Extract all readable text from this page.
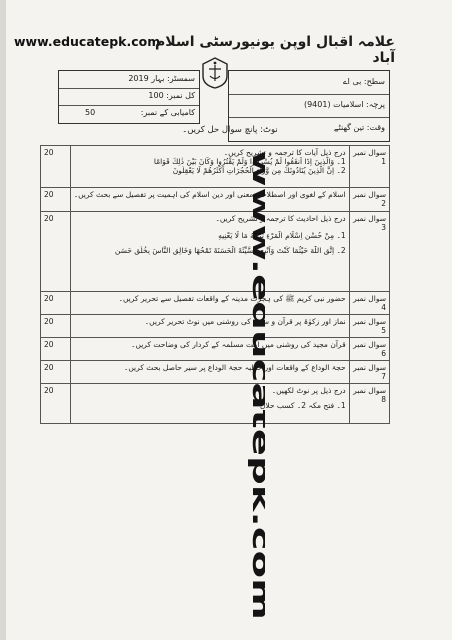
www.educatepk.com
علامہ اقبال اوپن یونیورسٹی اسلام آباد
سمسٹر: بہار 2019
کل نمبر: 100
کامیابی کے نمبر:
50
سطح: بی اے
پرچہ: اسلامیات (9401)
وقت: تین گھنٹے
نوٹ: پانچ سوال حل کریں۔
20	درج ذیل آیات کا ترجمہ و تشریح کریں۔
1۔ وَالَّذِينَ اِذَا اَنفَقُوا لَمْ يُسْرِفُوا وَلَمْ يَقْتُرُوا وَكَانَ بَيْنَ ذٰلِكَ قَوَامًا
2۔ اِنَّ الَّذِينَ يُنَادُونَكَ مِن وَّرَاءِ الْحُجُرَاتِ اَكْثَرُهُمْ لَا يَعْقِلُونَ	سوال نمبر 1
20	اسلام کے لغوی اور اصطلاحی معنی اور دین اسلام کی اہمیت پر تفصیل سے بحث کریں۔	سوال نمبر 2
20	درج ذیل احادیث کا ترجمہ و تشریح کریں۔
1۔ مِنْ حُسْنِ اِسْلَامِ الْمَرْءِ تَرْكُهُ مَا لَا يَعْنِيهِ
2۔ اِتَّقِ اللّٰهَ حَيْثُمَا كُنْتَ وَاَتْبِعِ السَّيِّئَةَ الْحَسَنَةَ تَمْحُهَا وَخَالِقِ النَّاسَ بِخُلُقٍ حَسَنٍ	سوال نمبر 3
20	حضور نبی کریم ﷺ کی ہجرت مدینہ کے واقعات تفصیل سے تحریر کریں۔	سوال نمبر 4
20	نماز اور زکوٰۃ پر قرآن و سنت کی روشنی میں نوٹ تحریر کریں۔	سوال نمبر 5
20	قرآن مجید کی روشنی میں امت مسلمہ کے کردار کی وضاحت کریں۔	سوال نمبر 6
20	حجۃ الوداع کے واقعات اور خطبہ حجۃ الوداع پر سیر حاصل بحث کریں۔	سوال نمبر 7
20	درج ذیل پر نوٹ لکھیں۔
1۔ فتح مکہ 2۔ کسب حلال	سوال نمبر 8
www.educatepk.com
